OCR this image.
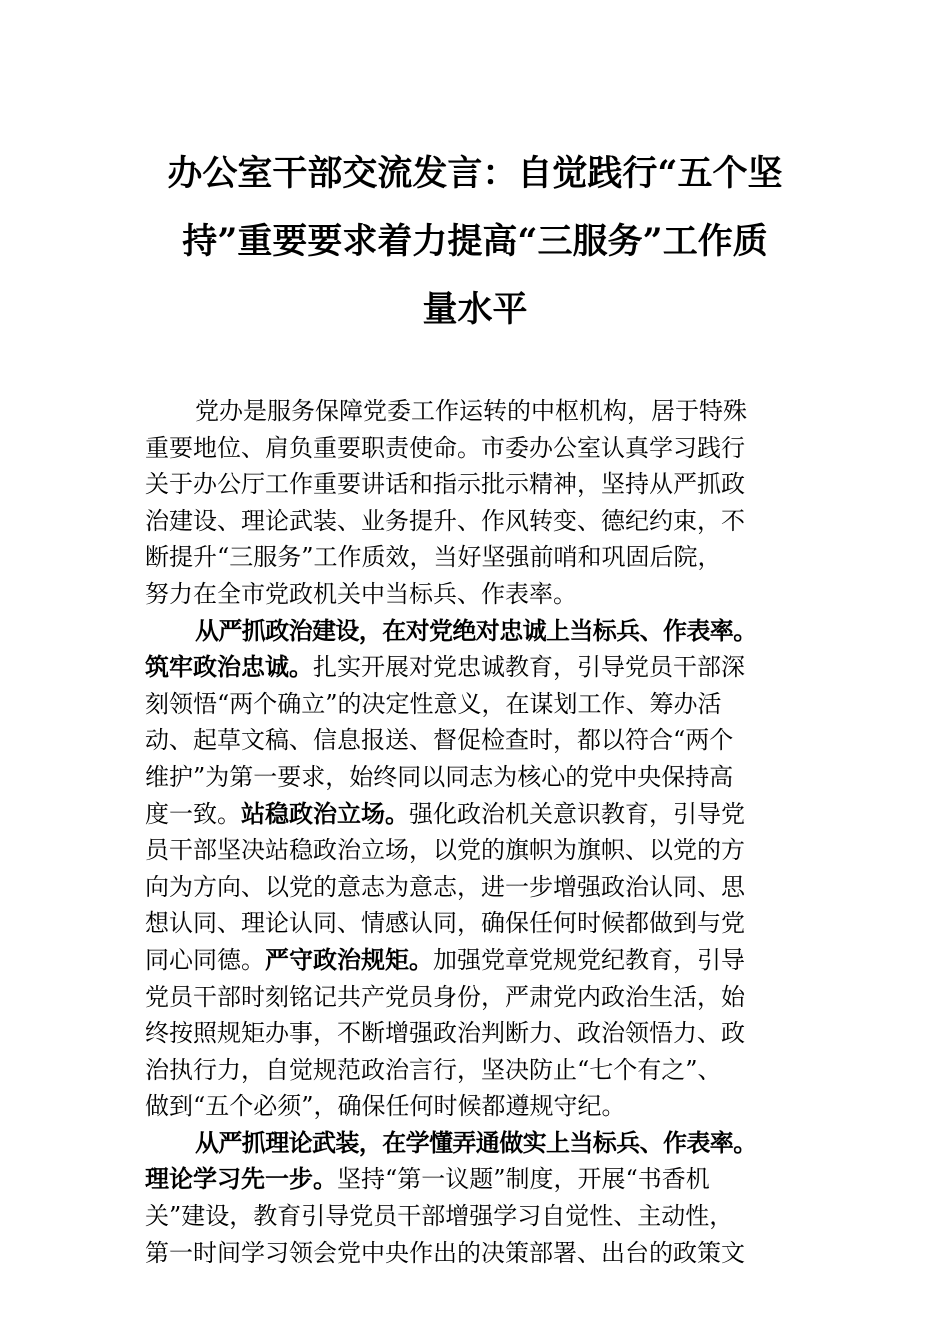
办公室干部交流发言：自觉践行“五个坚
持”重要要求着力提高“三服务”工作质
量水平

党办是服务保障党委工作运转的中枢机构，居于特殊
重要地位、肩负重要职责使命。市委办公室认真学习践行
关于办公厅工作重要讲话和指示批示精神，坚持从严抓政
治建设、理论武装、业务提升、作风转变、德纪约束，不
断提升“三服务”工作质效，当好坚强前哨和巩固后院，
努力在全市党政机关中当标兵、作表率。

从严抓政治建设，在对党绝对忠诚上当标兵、作表率。
筑牢政治忠诚。扎实开展对党忠诚教育，引导党员干部深
刻领悟“两个确立”的决定性意义，在谋划工作、筹办活
动、起草文稿、信息报送、督促检查时，都以符合“两个
维护”为第一要求，始终同以同志为核心的党中央保持高
度一致。站稳政治立场。强化政治机关意识教育，引导党
员干部坚决站稳政治立场，以党的旗帜为旗帜、以党的方
向为方向、以党的意志为意志，进一步增强政治认同、思
想认同、理论认同、情感认同，确保任何时候都做到与党
同心同德。严守政治规矩。加强党章党规党纪教育，引导
党员干部时刻铭记共产党员身份，严肃党内政治生活，始
终按照规矩办事，不断增强政治判断力、政治领悟力、政
治执行力，自觉规范政治言行，坚决防止“七个有之”、
做到“五个必须”，确保任何时候都遵规守纪。

从严抓理论武装，在学懂弄通做实上当标兵、作表率。
理论学习先一步。坚持“第一议题”制度，开展“书香机
关”建设，教育引导党员干部增强学习自觉性、主动性，
第一时间学习领会党中央作出的决策部署、出台的政策文
